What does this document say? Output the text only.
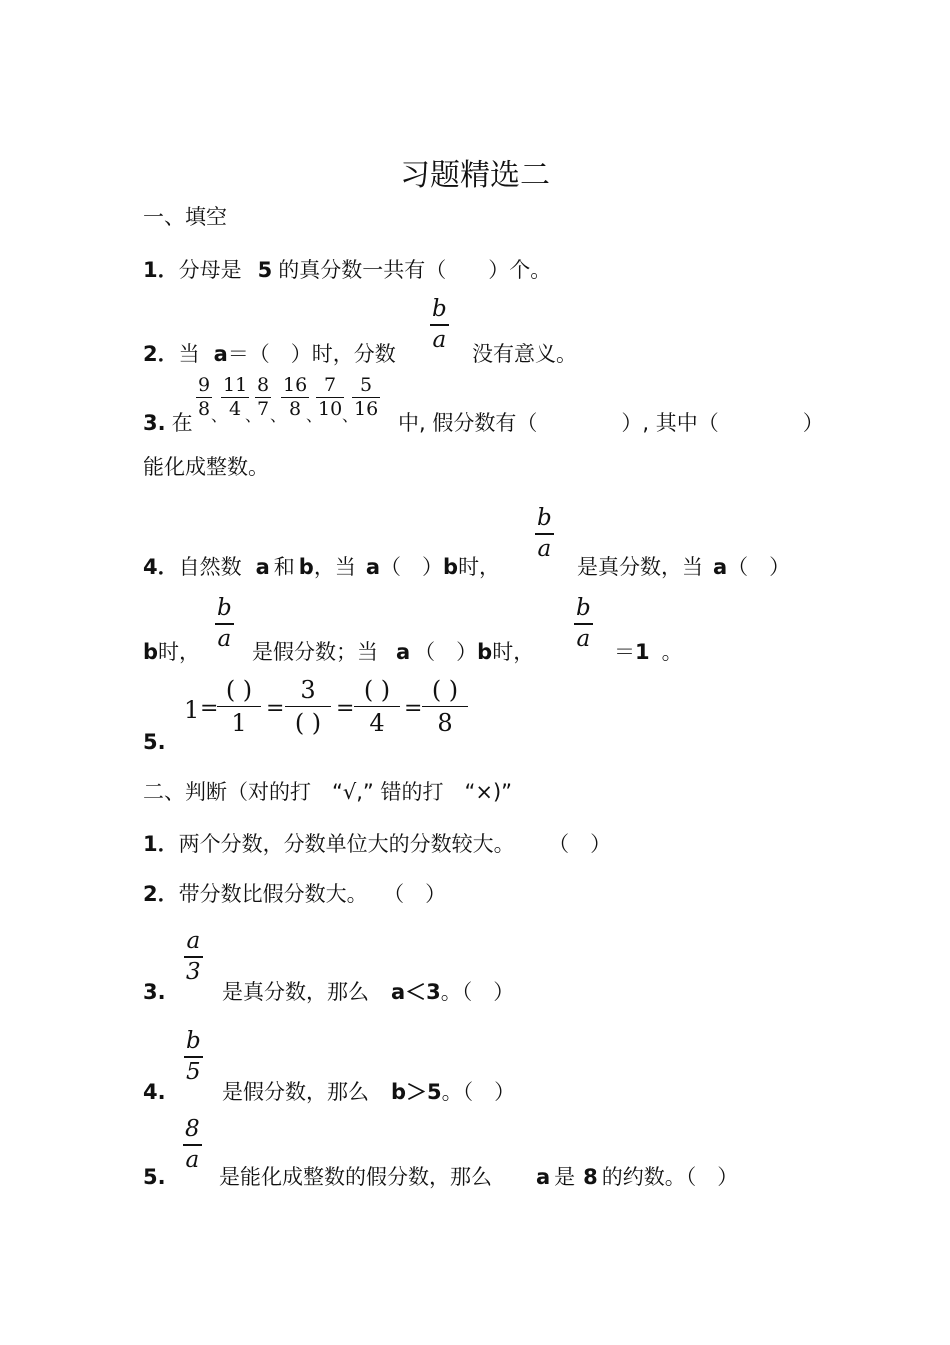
习题精选二
一、填空
1．分母是 5 的真分数一共有（　　）个。
2．当 a＝（　）时，分数
b
a
没有意义。
3. 在
9
8 、
11
4 、
8
7 、
16
8 、
7
10 、
5
16
中, 假分数有（　　　　）, 其中（　　　　）
能化成整数。
4．自然数 a 和 b，当 a（　）b时，
b
a
是真分数，当 a（　）
b时，
b
a 是假分数；当 a （　）b时，
b
a ＝1 。
5.
1 =
( )
1
=
3
( )
=
( )
4
=
( )
8
二、判断（对的打　“√,” 错的打　“×)”
1．两个分数，分数单位大的分数较大。 （　）
2．带分数比假分数大。 （　）
3.
a
3
是真分数，那么 a＜3。（　）
4.
b
5
是假分数，那么 b＞5。（　）
5.
8
a
是能化成整数的假分数，那么 a 是 8 的约数。（　）
